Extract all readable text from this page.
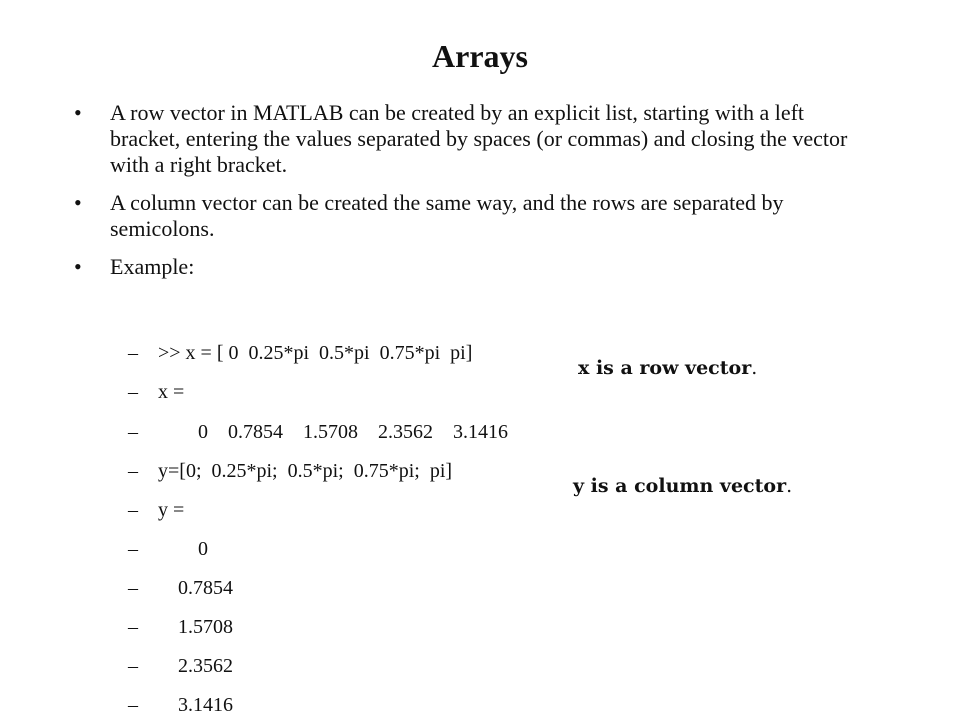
Arrays
•	A row vector in MATLAB can be created by an explicit list, starting with a left bracket, entering the values separated by spaces (or commas) and closing the vector with a right bracket.
•	A column vector can be created the same way, and the rows are separated by semicolons.
•	Example:

– >> x = [ 0  0.25*pi  0.5*pi  0.75*pi  pi]

– x =

x is a row vector.

–        0    0.7854    1.5708    2.3562    3.1416

– y=[0;  0.25*pi;  0.5*pi;  0.75*pi;  pi]

– y =

y is a column vector.

–        0

–    0.7854

–    1.5708

–    2.3562

–    3.1416
